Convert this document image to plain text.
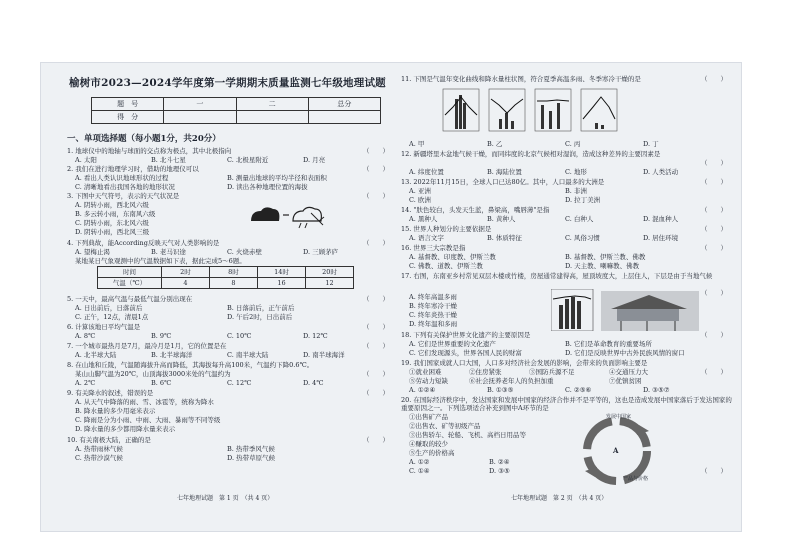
榆树市2023—2024学年度第一学期期末质量监测七年级地理试题
题　号	一	二	总分
得　分			
一、单项选择题（每小题1分，共20分）
1. 地球仪中的地轴与球面的交点称为极点，其中北极指向	（　　）
A. 太阳	B. 北斗七星	C. 北极星附近	D. 月亮
2. 我们在进行地理学习时，借助的地理仪可以	（　　）
A. 看出人类认识地球形状的过程	B. 测量出地球的平均半径和表面积
C. 清晰地看出我国各地的地形状况	D. 读出各种地理位置的海拔
3. 下图中天气符号，表示的天气状况是	（　　）
A. 阴转小雨，西北风六级
B. 多云转小雨，东南风六级
C. 阴转小雨，东北风六级
D. 阴转小雨，西北风三级
4. 下列典故，能According反映天气对人类影响的是	（　　）
A. 望梅止渴	B. 老马识途	C. 火烧赤壁	D. 三顾茅庐
某地某日气象观测中的气温数据如下表，据此完成5～6题。
时间	2时	8时	14时	20时
气温（℃）	4	8	16	12
5. 一天中，最高气温与最低气温分别出现在	（　　）
A. 日出前后，日落前后	B. 日落前后，正午前后
C. 正午，12点，清晨1点	D. 午后2时，日出前后
6. 计算该地日平均气温是	（　　）
A. 8℃	B. 9℃	C. 10℃	D. 12℃
7. 一个城市最热月是7月，最冷月是1月，它的位置是在	（　　）
A. 北半球大陆	B. 北半球海洋	C. 南半球大陆	D. 南半球海洋
8. 在山地和丘陵，气温随海拔升高而降低，其海拔每升高100米，气温约下降0.6℃。
某山山脚气温为20℃，山顶海拔3000米处的气温约为	（　　）
A. 2℃	B. 6℃	C. 12℃	D. 4℃
9. 有关降水的叙述，错误的是	（　　）
A. 从天气中降落的雨、雪、冰雹等，统称为降水
B. 降水量的多少用毫米表示
C. 降雨是分为小雨、中雨、大雨、暴雨等不同等级
D. 降水量的多少都用降水量来表示
10. 有关南极大陆，正确的是	（　　）
A. 热带雨林气候	B. 热带季风气候
C. 热带沙漠气候	D. 热带草原气候
七年地理试题　第 1 页　（共 4 页）
11. 下图是气温年变化曲线和降水量柱状图，符合夏季高温多雨、冬季寒冷干燥的是	（　　）
A. 甲	B. 乙	C. 丙	D. 丁
12. 新疆塔里木盆地气候干燥，而同纬度的北京气候相对湿润，造成这种差异的主要因素是
（　　）
A. 纬度位置	B. 海陆位置	C. 地形	D. 人类活动
13. 2022年11月15日，全球人口已达80亿。其中，人口最多的大洲是	（　　）
A. 亚洲	B. 非洲
C. 欧洲	D. 拉丁美洲
14. "肤色较白，头发天生蓝，鼻梁高，嘴唇薄"是指	（　　）
A. 黑种人	B. 黄种人	C. 白种人	D. 混血种人
15. 世界人种划分的主要依据是	（　　）
A. 语言文字	B. 体质特征	C. 风俗习惯	D. 居住环境
16. 世界三大宗教是指	（　　）
A. 基督教、印度教、伊斯兰教	B. 基督教、伊斯兰教、佛教
C. 佛教、道教、伊斯兰教	D. 天主教、喇嘛教、佛教
17. 右图，东南亚乡村常见双层木楼或竹楼，房屋通常建得高，屋顶坡度大，上层住人，下层是由于当地气候
（　　）
A. 终年高温多雨
B. 终年寒冷干燥
C. 终年炎热干燥
D. 终年温和多雨
18. 下列有关保护世界文化遗产的主要原因是	（　　）
A. 它们是世界重要的文化遗产	B. 它们是革命教育的重要场所
C. 它们发现源头，世界各国人民的财富	D. 它们是反映世界中古外民族风情的窗口
19. 我们国家成就人口大国，人口多对经济社会发展的影响，会带来的负面影响主要是
（　　）
①就业困难	②住房紧张	③国防兵源不足	④交通压力大
⑤劳动力短缺	⑥社会抚养老年人的负担加重	⑦优镇贫困
A. ①②④	B. ①③⑤	C. ②⑤⑥	D. ③⑤⑦
20. 在国际经济秩序中，发达国家和发展中国家的经济合作并不是平等的，这也是造成发展中国家落后于发达国家的重要原因之一。下列选项适合补充到图中A环节的是
①出售矿产品
②出售农、矿等初级产品
③出售轿车、轮船、飞机、高档日用品等
④赚取的较少
⑤生产的价格高
A. ①②	B. ②④
C. ①④	D. ③⑤
发展中国家
产品与价格
A
（　　）
七年地理试题　第 2 页　（共 4 页）
